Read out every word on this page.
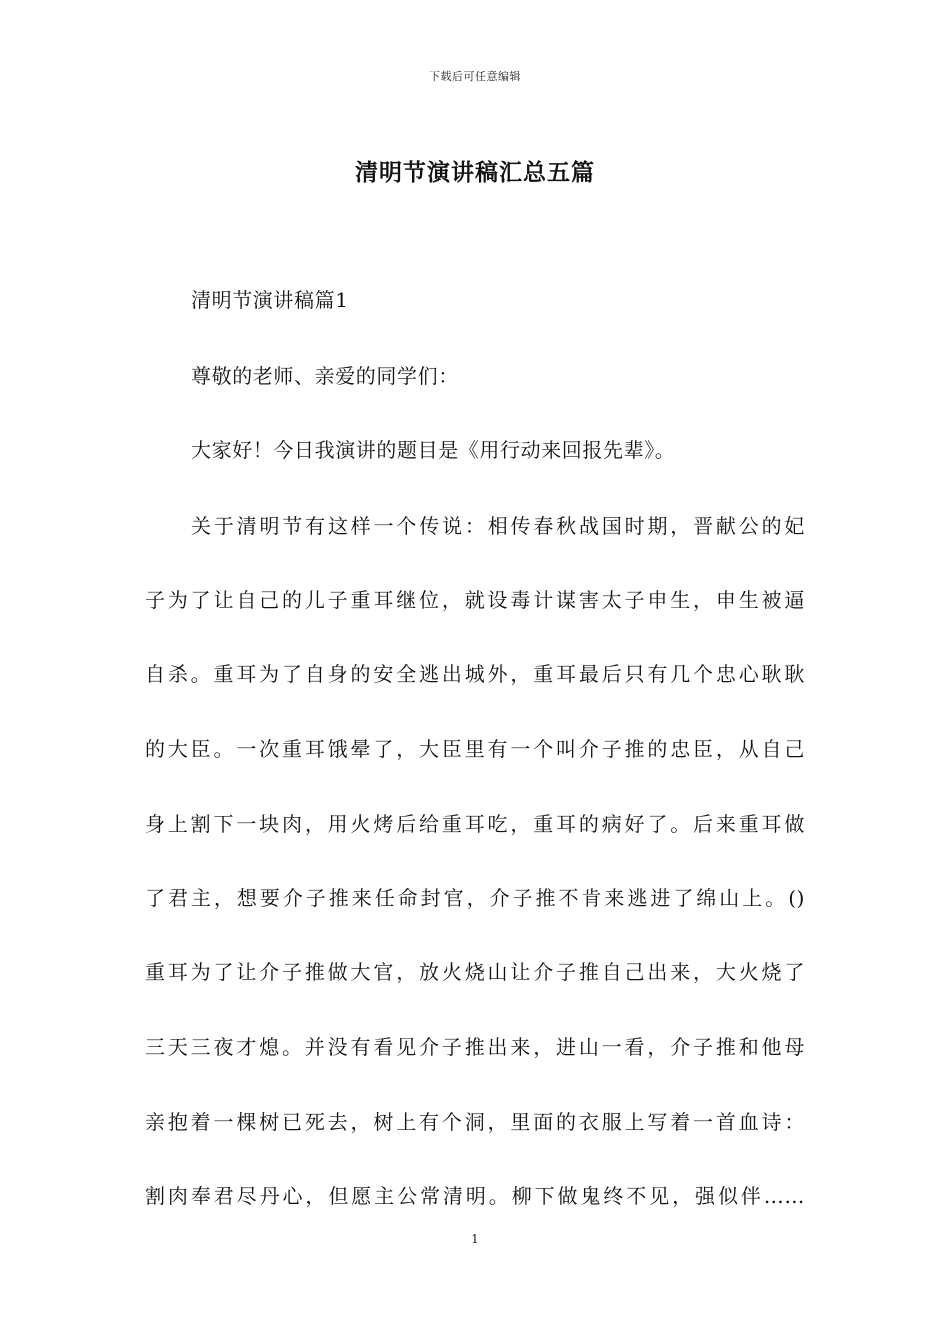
下载后可任意编辑
清明节演讲稿汇总五篇
清明节演讲稿篇1
尊敬的老师、亲爱的同学们：
大家好！今日我演讲的题目是《用行动来回报先辈》。
关于清明节有这样一个传说：相传春秋战国时期，晋献公的妃
子为了让自己的儿子重耳继位，就设毒计谋害太子申生，申生被逼
自杀。重耳为了自身的安全逃出城外，重耳最后只有几个忠心耿耿
的大臣。一次重耳饿晕了，大臣里有一个叫介子推的忠臣，从自己
身上割下一块肉，用火烤后给重耳吃，重耳的病好了。后来重耳做
了君主，想要介子推来任命封官，介子推不肯来逃进了绵山上。()
重耳为了让介子推做大官，放火烧山让介子推自己出来，大火烧了
三天三夜才熄。并没有看见介子推出来，进山一看，介子推和他母
亲抱着一棵树已死去，树上有个洞，里面的衣服上写着一首血诗：
割肉奉君尽丹心，但愿主公常清明。柳下做鬼终不见，强似伴……
1
